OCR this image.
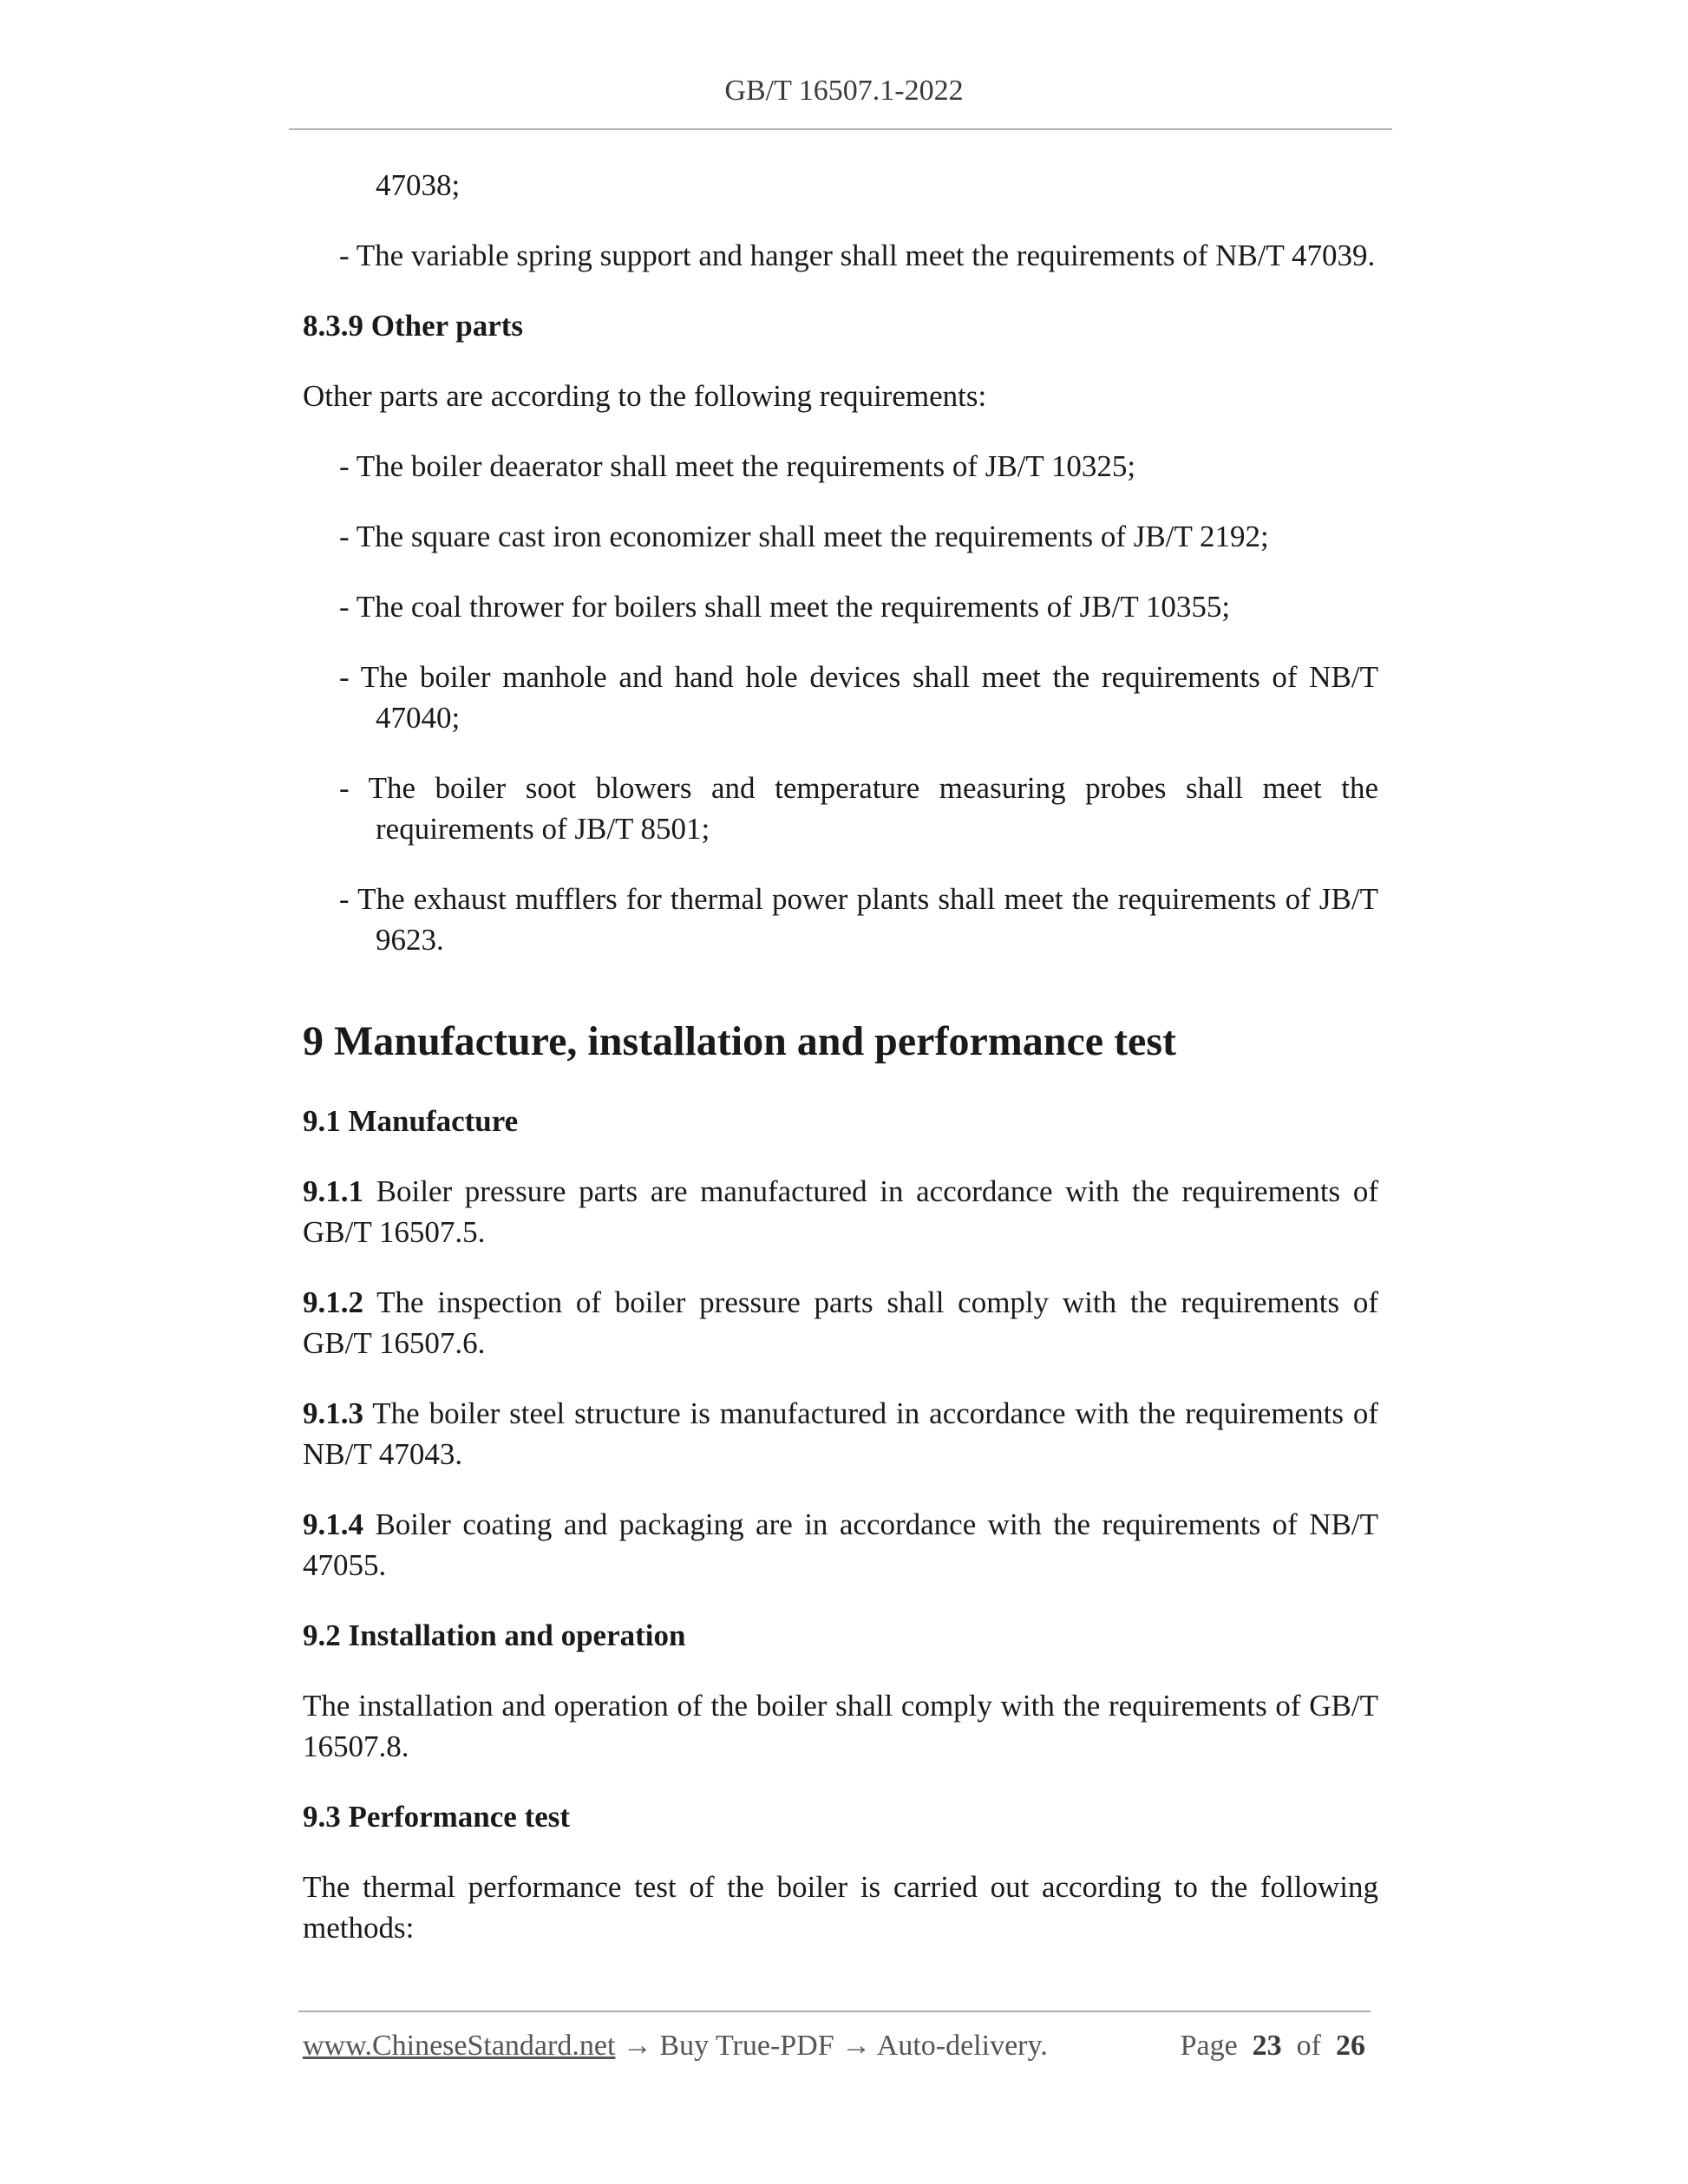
GB/T 16507.1-2022

47038;

- The variable spring support and hanger shall meet the requirements of NB/T 47039.

8.3.9 Other parts

Other parts are according to the following requirements:

- The boiler deaerator shall meet the requirements of JB/T 10325;

- The square cast iron economizer shall meet the requirements of JB/T 2192;

- The coal thrower for boilers shall meet the requirements of JB/T 10355;

- The boiler manhole and hand hole devices shall meet the requirements of NB/T 47040;

- The boiler soot blowers and temperature measuring probes shall meet the requirements of JB/T 8501;

- The exhaust mufflers for thermal power plants shall meet the requirements of JB/T 9623.

9 Manufacture, installation and performance test

9.1 Manufacture

9.1.1 Boiler pressure parts are manufactured in accordance with the requirements of GB/T 16507.5.

9.1.2 The inspection of boiler pressure parts shall comply with the requirements of GB/T 16507.6.

9.1.3 The boiler steel structure is manufactured in accordance with the requirements of NB/T 47043.

9.1.4 Boiler coating and packaging are in accordance with the requirements of NB/T 47055.

9.2 Installation and operation

The installation and operation of the boiler shall comply with the requirements of GB/T 16507.8.

9.3 Performance test

The thermal performance test of the boiler is carried out according to the following methods:

www.ChineseStandard.net → Buy True-PDF → Auto-delivery.	Page 23 of 26
